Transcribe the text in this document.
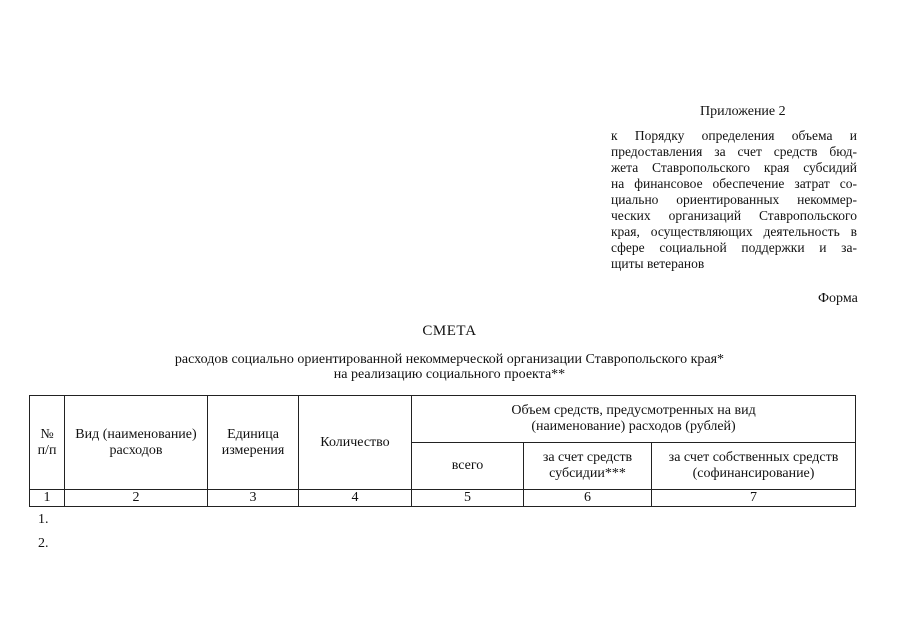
Приложение 2
к Порядку определения объема и
предоставления за счет средств бюд-
жета Ставропольского края субсидий
на финансовое обеспечение затрат со-
циально ориентированных некоммер-
ческих организаций Ставропольского
края, осуществляющих деятельность в
сфере социальной поддержки и за-
щиты ветеранов
Форма
СМЕТА
расходов социально ориентированной некоммерческой организации Ставропольского края*
на реализацию социального проекта**
№ п/п	Вид (наименование) расходов	Единица измерения	Количество	Объем средств, предусмотренных на вид (наименование) расходов (рублей)		
				всего	за счет средств субсидии***	за счет собственных средств (софинансирование)
1	2	3	4	5	6	7
1.
2.
